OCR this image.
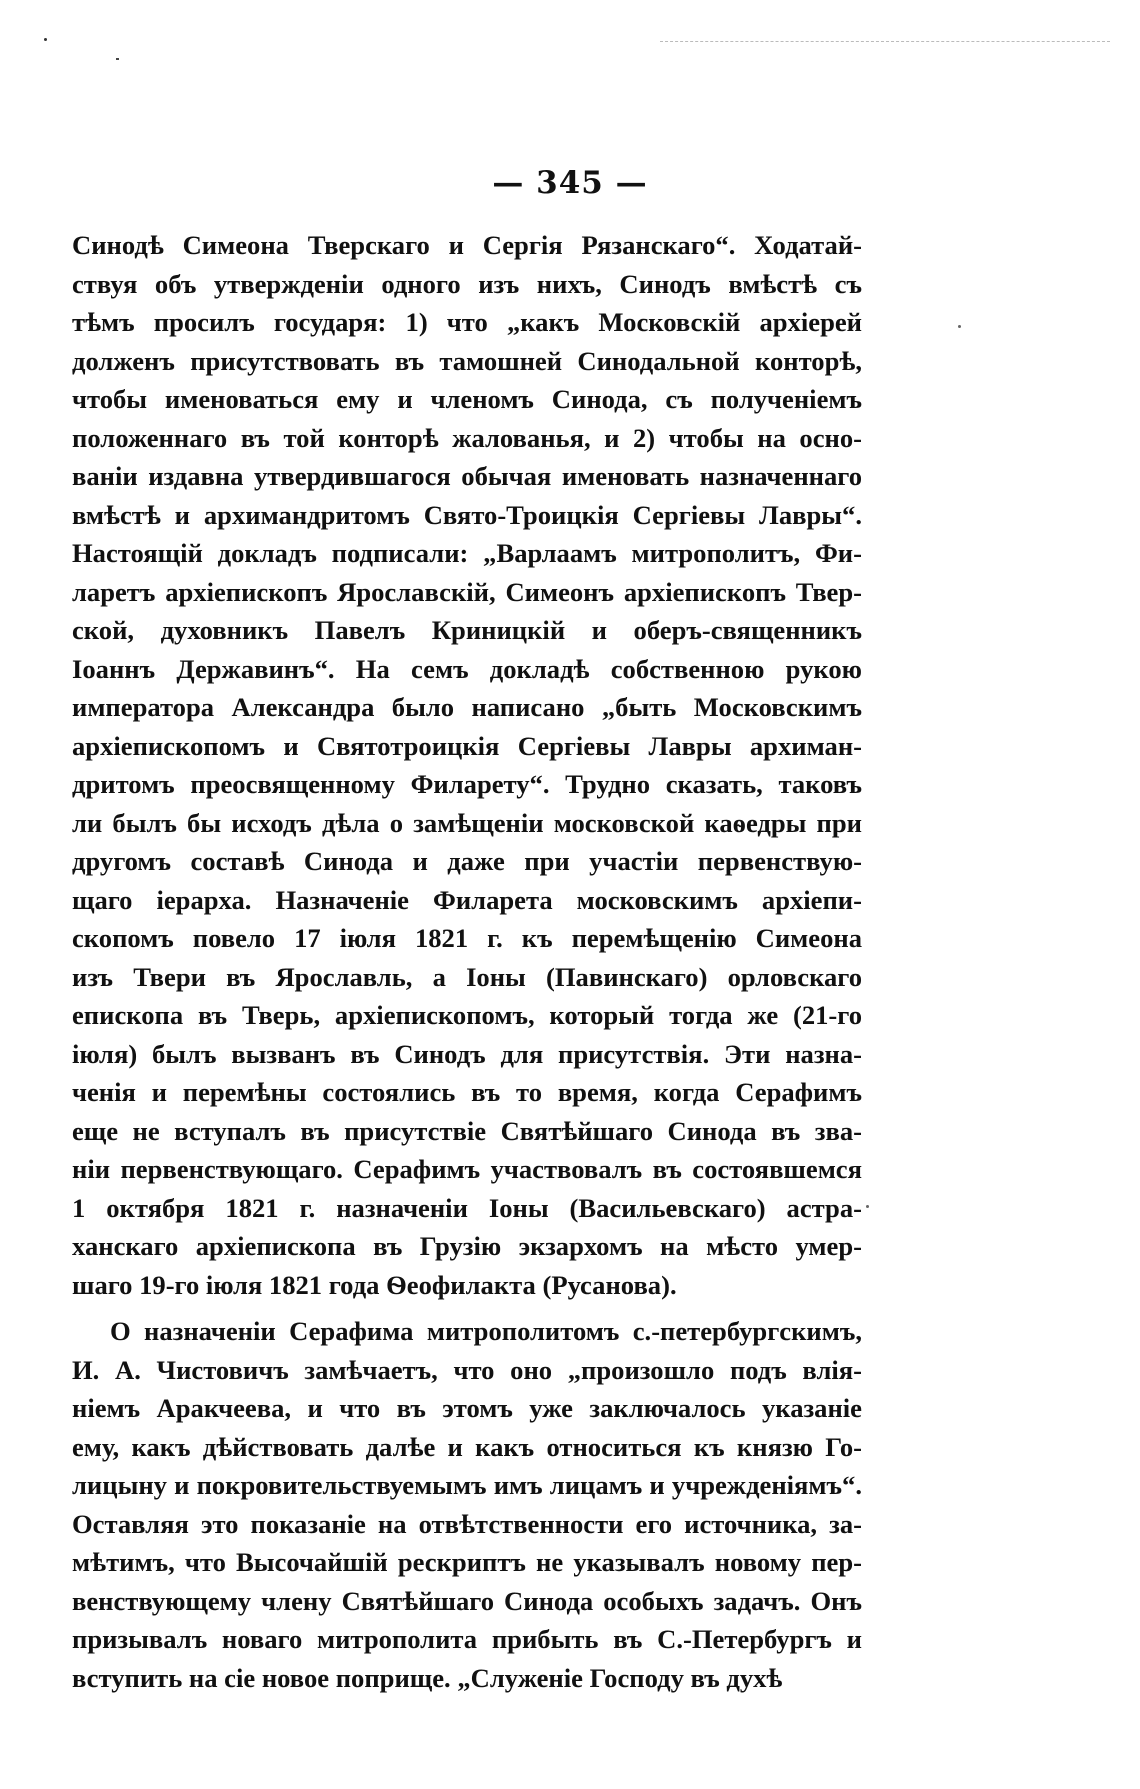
— 345 —
Синодѣ Симеона Тверскаго и Сергія Рязанскаго“. Ходатай-
ствуя объ утвержденіи одного изъ нихъ, Синодъ вмѣстѣ съ
тѣмъ просилъ государя: 1) что „какъ Московскій архіерей
долженъ присутствовать въ тамошней Синодальной конторѣ,
чтобы именоваться ему и членомъ Синода, съ полученіемъ
положеннаго въ той конторѣ жалованья, и 2) чтобы на осно-
ваніи издавна утвердившагося обычая именовать назначеннаго
вмѣстѣ и архимандритомъ Свято-Троицкія Сергіевы Лавры“.
Настоящій докладъ подписали: „Варлаамъ митрополитъ, Фи-
ларетъ архіепископъ Ярославскій, Симеонъ архіепископъ Твер-
ской, духовникъ Павелъ Криницкій и оберъ-священникъ
Іоаннъ Державинъ“. На семъ докладѣ собственною рукою
императора Александра было написано „быть Московскимъ
архіепископомъ и Святотроицкія Сергіевы Лавры архиман-
дритомъ преосвященному Филарету“. Трудно сказать, таковъ
ли былъ бы исходъ дѣла о замѣщеніи московской каѳедры при
другомъ составѣ Синода и даже при участіи первенствую-
щаго іерарха. Назначеніе Филарета московскимъ архіепи-
скопомъ повело 17 іюля 1821 г. къ перемѣщенію Симеона
изъ Твери въ Ярославль, а Іоны (Павинскаго) орловскаго
епископа въ Тверь, архіепископомъ, который тогда же (21-го
іюля) былъ вызванъ въ Синодъ для присутствія. Эти назна-
ченія и перемѣны состоялись въ то время, когда Серафимъ
еще не вступалъ въ присутствіе Святѣйшаго Синода въ зва-
ніи первенствующаго. Серафимъ участвовалъ въ состоявшемся
1 октября 1821 г. назначеніи Іоны (Васильевскаго) астра-
ханскаго архіепископа въ Грузію экзархомъ на мѣсто умер-
шаго 19-го іюля 1821 года Ѳеофилакта (Русанова).
О назначеніи Серафима митрополитомъ с.-петербургскимъ,
И. А. Чистовичъ замѣчаетъ, что оно „произошло подъ влія-
ніемъ Аракчеева, и что въ этомъ уже заключалось указаніе
ему, какъ дѣйствовать далѣе и какъ относиться къ князю Го-
лицыну и покровительствуемымъ имъ лицамъ и учрежденіямъ“.
Оставляя это показаніе на отвѣтственности его источника, за-
мѣтимъ, что Высочайшій рескриптъ не указывалъ новому пер-
венствующему члену Святѣйшаго Синода особыхъ задачъ. Онъ
призывалъ новаго митрополита прибыть въ С.-Петербургъ и
вступить на сіе новое поприще. „Служеніе Господу въ духѣ
